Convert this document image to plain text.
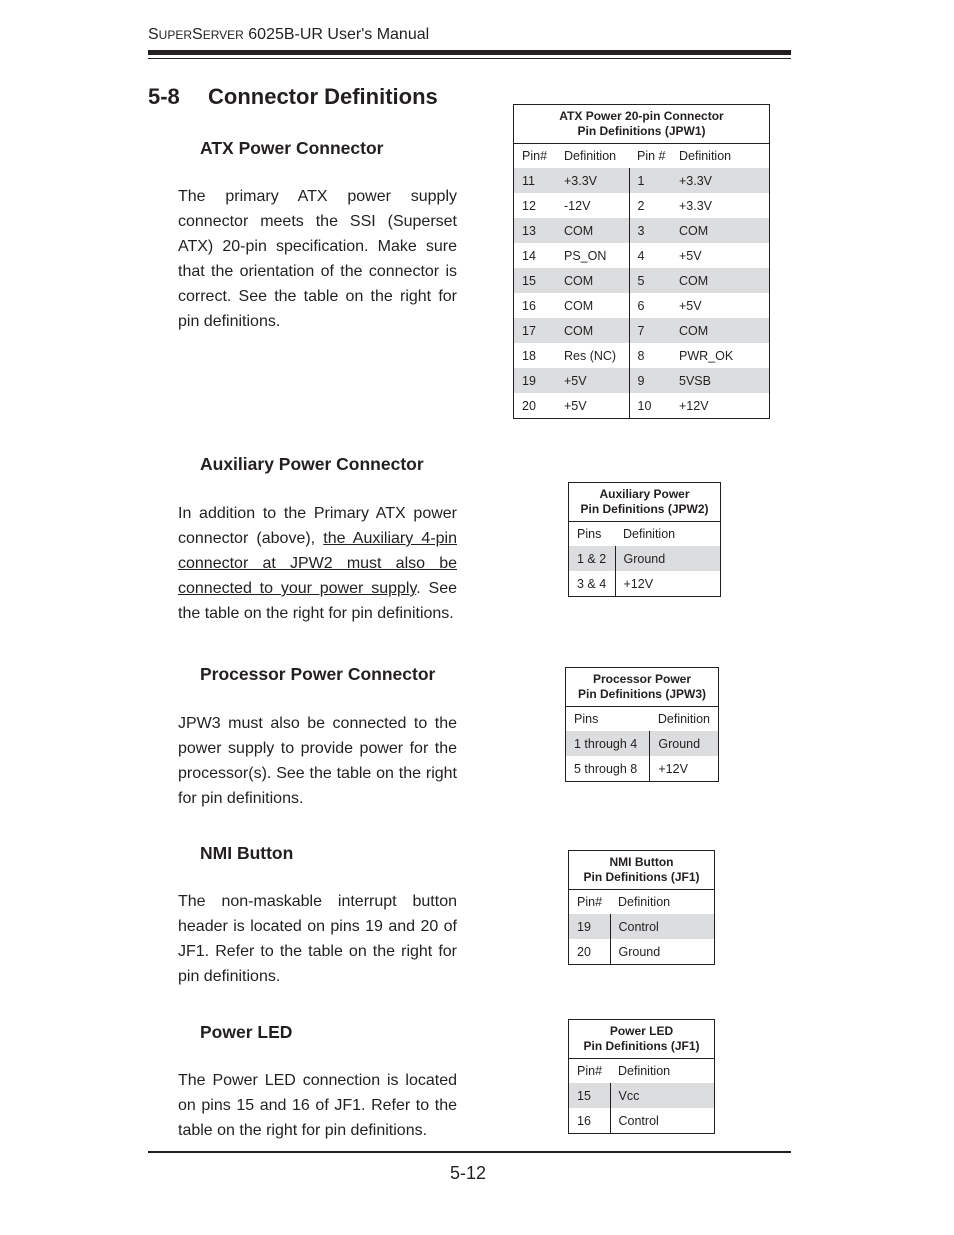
SUPERSERVER 6025B-UR User's Manual
5-8 Connector Definitions
ATX Power Connector
The primary ATX power supply connector meets the SSI (Superset ATX) 20-pin specification. Make sure that the orientation of the connector is correct. See the table on the right for pin definitions.
ATX Power 20-pin Connector
Pin Definitions (JPW1)			
Pin#	Definition	Pin #	Definition
11	+3.3V	1	+3.3V
12	-12V	2	+3.3V
13	COM	3	COM
14	PS_ON	4	+5V
15	COM	5	COM
16	COM	6	+5V
17	COM	7	COM
18	Res (NC)	8	PWR_OK
19	+5V	9	5VSB
20	+5V	10	+12V
Auxiliary Power Connector
In addition to the Primary ATX power connector (above), the Auxiliary 4-pin connector at JPW2 must also be connected to your power supply. See the table on the right for pin definitions.
Auxiliary Power
Pin Definitions (JPW2)	
Pins	Definition
1 & 2	Ground
3 & 4	+12V
Processor Power Connector
JPW3 must also be connected to the power supply to provide power for the processor(s). See the table on the right for pin definitions.
Processor Power
Pin Definitions (JPW3)	
Pins	Definition
1 through 4	Ground
5 through 8	+12V
NMI Button
The non-maskable interrupt button header is located on pins 19 and 20 of JF1. Refer to the table on the right for pin definitions.
NMI Button
Pin Definitions (JF1)	
Pin#	Definition
19	Control
20	Ground
Power LED
The Power LED connection is located on pins 15 and 16 of JF1. Refer to the table on the right for pin definitions.
Power LED
Pin Definitions (JF1)	
Pin#	Definition
15	Vcc
16	Control
5-12
